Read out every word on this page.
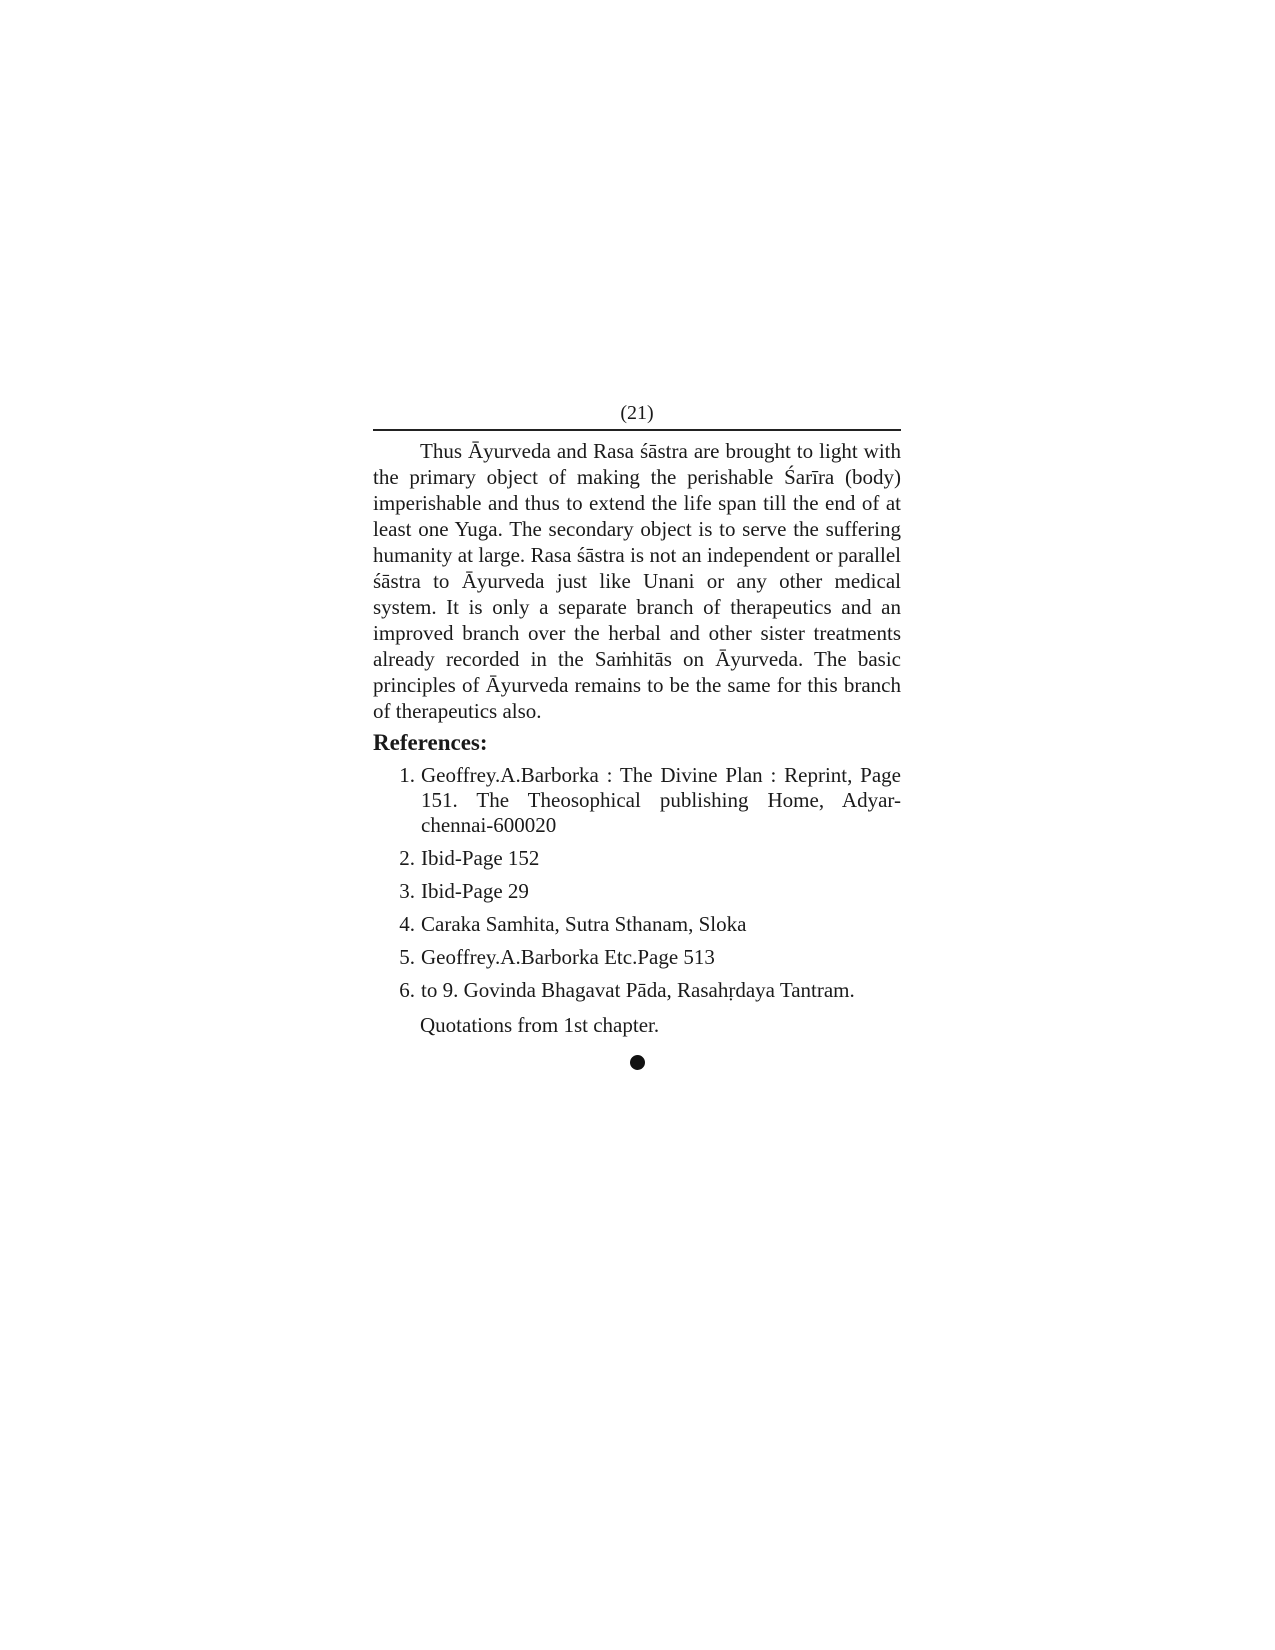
(21)

Thus Āyurveda and Rasa śāstra are brought to light with the primary object of making the perishable Śarīra (body) imperishable and thus to extend the life span till the end of at least one Yuga. The secondary object is to serve the suffering humanity at large. Rasa śāstra is not an independent or parallel śāstra to Āyurveda just like Unani or any other medical system. It is only a separate branch of therapeutics and an improved branch over the herbal and other sister treatments already recorded in the Saṁhitās on Āyurveda. The basic principles of Āyurveda remains to be the same for this branch of therapeutics also.

References:
1. Geoffrey.A.Barborka : The Divine Plan : Reprint, Page 151. The Theosophical publishing Home, Adyar-chennai-600020
2. Ibid-Page 152
3. Ibid-Page 29
4. Caraka Samhita, Sutra Sthanam, Sloka
5. Geoffrey.A.Barborka Etc.Page 513
6. to 9. Govinda Bhagavat Pāda, Rasahṛdaya Tantram.

Quotations from 1st chapter.
